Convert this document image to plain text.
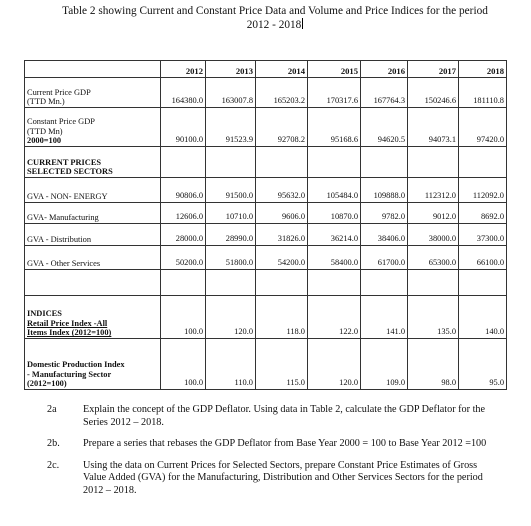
Table 2 showing Current and Constant Price Data and Volume and Price Indices for the period 2012 - 2018
	2012	2013	2014	2015	2016	2017	2018

Current Price GDP
(TTD Mn.)	164380.0	163007.8	165203.2	170317.6	167764.3	150246.6	181110.8

Constant Price GDP
(TTD Mn)
2000=100	90100.0	91523.9	92708.2	95168.6	94620.5	94073.1	97420.0

CURRENT PRICES
SELECTED SECTORS							

GVA - NON- ENERGY	90806.0	91500.0	95632.0	105484.0	109888.0	112312.0	112092.0
GVA- Manufacturing	12606.0	10710.0	9606.0	10870.0	9782.0	9012.0	8692.0
GVA - Distribution	28000.0	28990.0	31826.0	36214.0	38406.0	38000.0	37300.0
GVA - Other Services	50200.0	51800.0	54200.0	58400.0	61700.0	65300.0	66100.0

INDICES
Retail Price Index -All
Items Index (2012=100)	100.0	120.0	118.0	122.0	141.0	135.0	140.0

Domestic Production Index
- Manufacturing Sector
(2012=100)	100.0	110.0	115.0	120.0	109.0	98.0	95.0
2a	Explain the concept of the GDP Deflator. Using data in Table 2, calculate the GDP Deflator for the Series 2012 – 2018.
2b. Prepare a series that rebases the GDP Deflator from Base Year 2000 = 100 to Base Year 2012 =100
2c. Using the data on Current Prices for Selected Sectors, prepare Constant Price Estimates of Gross Value Added (GVA) for the Manufacturing, Distribution and Other Services Sectors for the period 2012 – 2018.
